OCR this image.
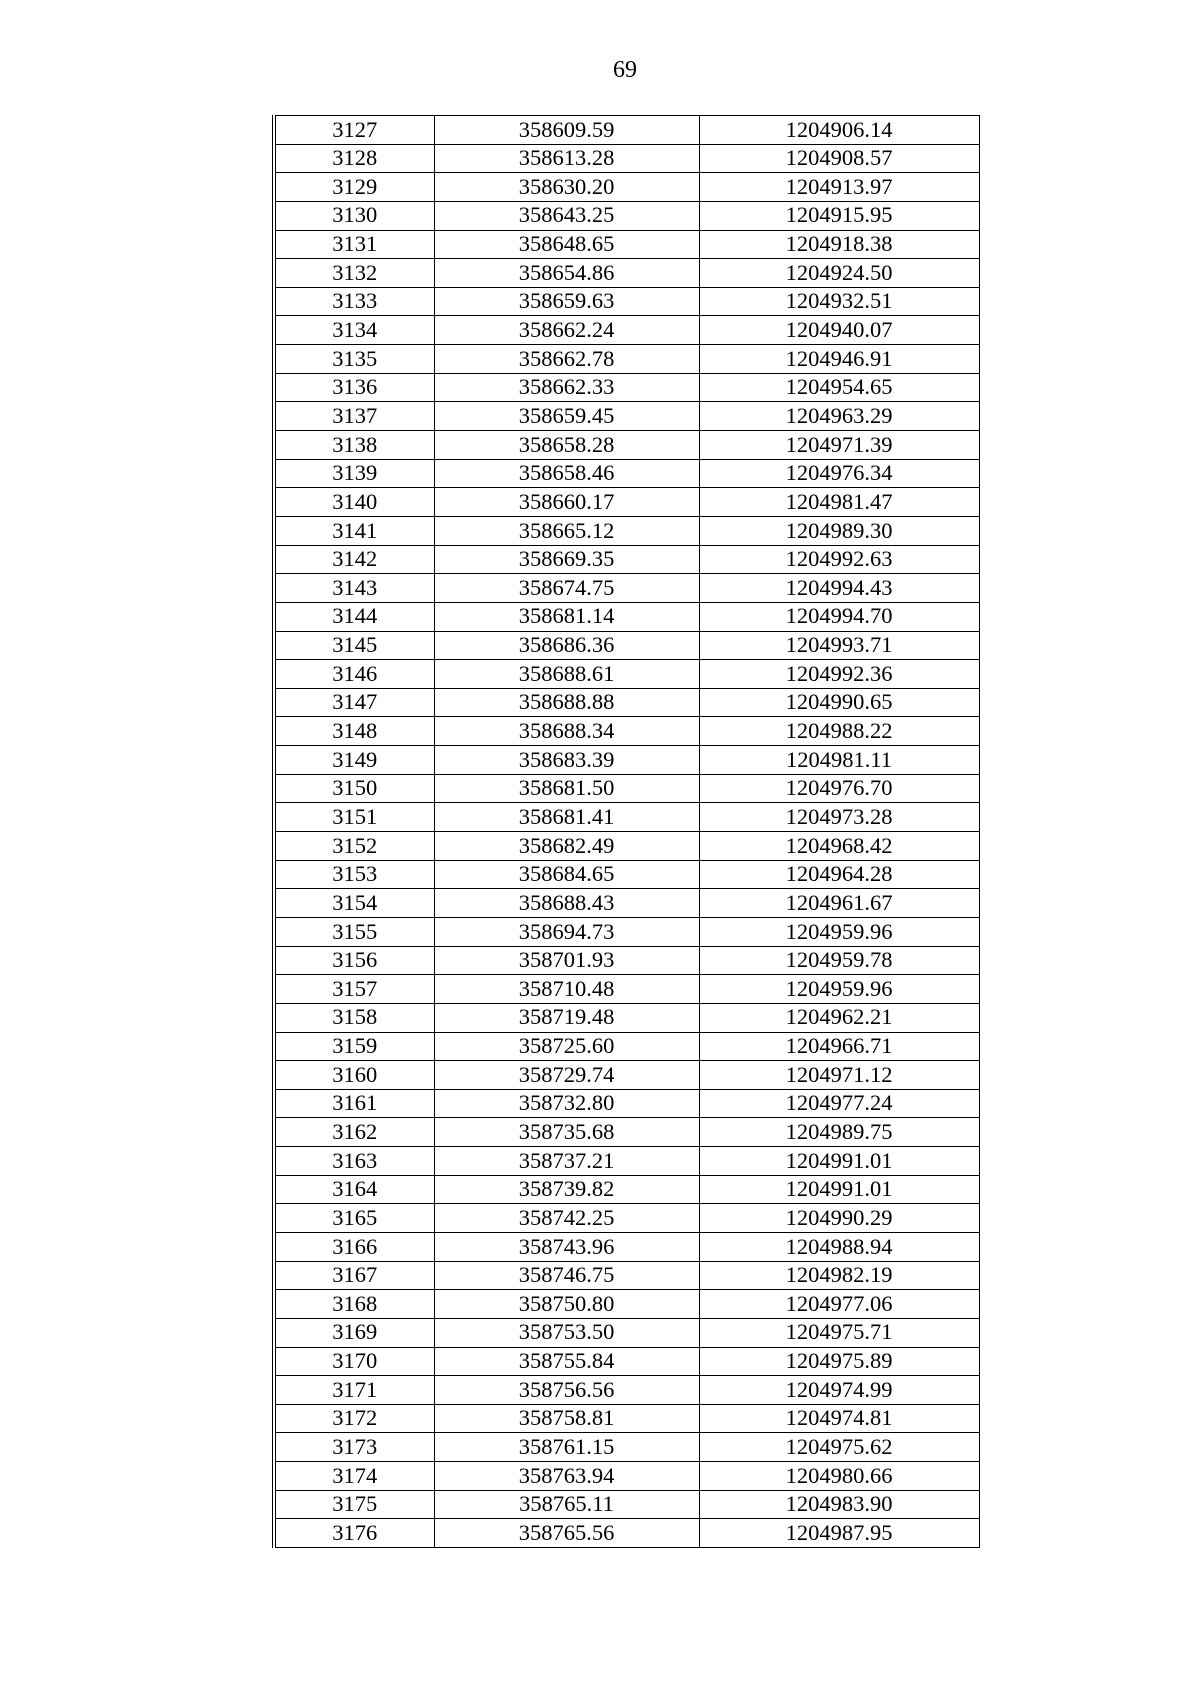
69
3127	358609.59	1204906.14
3128	358613.28	1204908.57
3129	358630.20	1204913.97
3130	358643.25	1204915.95
3131	358648.65	1204918.38
3132	358654.86	1204924.50
3133	358659.63	1204932.51
3134	358662.24	1204940.07
3135	358662.78	1204946.91
3136	358662.33	1204954.65
3137	358659.45	1204963.29
3138	358658.28	1204971.39
3139	358658.46	1204976.34
3140	358660.17	1204981.47
3141	358665.12	1204989.30
3142	358669.35	1204992.63
3143	358674.75	1204994.43
3144	358681.14	1204994.70
3145	358686.36	1204993.71
3146	358688.61	1204992.36
3147	358688.88	1204990.65
3148	358688.34	1204988.22
3149	358683.39	1204981.11
3150	358681.50	1204976.70
3151	358681.41	1204973.28
3152	358682.49	1204968.42
3153	358684.65	1204964.28
3154	358688.43	1204961.67
3155	358694.73	1204959.96
3156	358701.93	1204959.78
3157	358710.48	1204959.96
3158	358719.48	1204962.21
3159	358725.60	1204966.71
3160	358729.74	1204971.12
3161	358732.80	1204977.24
3162	358735.68	1204989.75
3163	358737.21	1204991.01
3164	358739.82	1204991.01
3165	358742.25	1204990.29
3166	358743.96	1204988.94
3167	358746.75	1204982.19
3168	358750.80	1204977.06
3169	358753.50	1204975.71
3170	358755.84	1204975.89
3171	358756.56	1204974.99
3172	358758.81	1204974.81
3173	358761.15	1204975.62
3174	358763.94	1204980.66
3175	358765.11	1204983.90
3176	358765.56	1204987.95
